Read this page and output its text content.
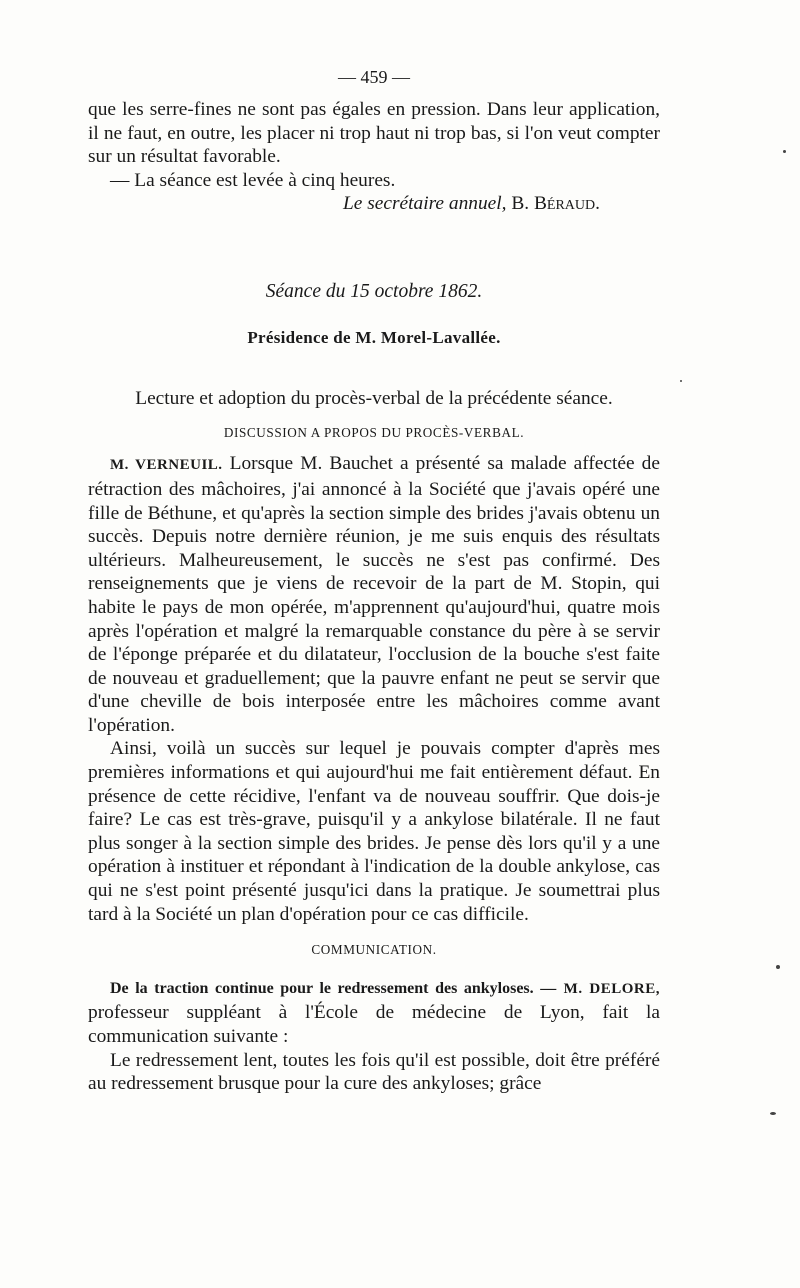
— 459 —

que les serre-fines ne sont pas égales en pression. Dans leur application, il ne faut, en outre, les placer ni trop haut ni trop bas, si l'on veut compter sur un résultat favorable.

— La séance est levée à cinq heures.

Le secrétaire annuel, B. Béraud.

Séance du 15 octobre 1862.

Présidence de M. Morel-Lavallée.

Lecture et adoption du procès-verbal de la précédente séance.

DISCUSSION A PROPOS DU PROCÈS-VERBAL.

M. VERNEUIL. Lorsque M. Bauchet a présenté sa malade affectée de rétraction des mâchoires, j'ai annoncé à la Société que j'avais opéré une fille de Béthune, et qu'après la section simple des brides j'avais obtenu un succès. Depuis notre dernière réunion, je me suis enquis des résultats ultérieurs. Malheureusement, le succès ne s'est pas confirmé. Des renseignements que je viens de recevoir de la part de M. Stopin, qui habite le pays de mon opérée, m'apprennent qu'aujourd'hui, quatre mois après l'opération et malgré la remarquable constance du père à se servir de l'éponge préparée et du dilatateur, l'occlusion de la bouche s'est faite de nouveau et graduellement; que la pauvre enfant ne peut se servir que d'une cheville de bois interposée entre les mâchoires comme avant l'opération.

Ainsi, voilà un succès sur lequel je pouvais compter d'après mes premières informations et qui aujourd'hui me fait entièrement défaut. En présence de cette récidive, l'enfant va de nouveau souffrir. Que dois-je faire? Le cas est très-grave, puisqu'il y a ankylose bilatérale. Il ne faut plus songer à la section simple des brides. Je pense dès lors qu'il y a une opération à instituer et répondant à l'indication de la double ankylose, cas qui ne s'est point présenté jusqu'ici dans la pratique. Je soumettrai plus tard à la Société un plan d'opération pour ce cas difficile.

COMMUNICATION.

De la traction continue pour le redressement des ankyloses. — M. DELORE, professeur suppléant à l'École de médecine de Lyon, fait la communication suivante :

Le redressement lent, toutes les fois qu'il est possible, doit être préféré au redressement brusque pour la cure des ankyloses; grâce
